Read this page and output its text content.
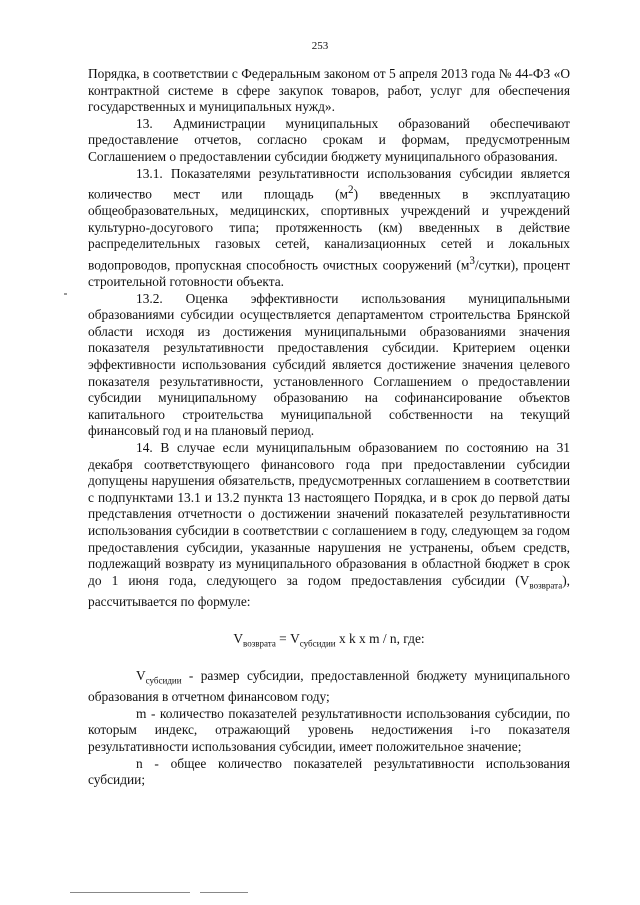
253

Порядка, в соответствии с Федеральным законом от 5 апреля 2013 года № 44-ФЗ «О контрактной системе в сфере закупок товаров, работ, услуг для обеспечения государственных и муниципальных нужд».

13. Администрации муниципальных образований обеспечивают предоставление отчетов, согласно срокам и формам, предусмотренным Соглашением о предоставлении субсидии бюджету муниципального образования.

13.1. Показателями результативности использования субсидии является количество мест или площадь $(м^2)$ введенных в эксплуатацию общеобразовательных, медицинских, спортивных учреждений и учреждений культурно-досугового типа; протяженность (км) введенных в действие распределительных газовых сетей, канализационных сетей и локальных водопроводов, пропускная способность очистных сооружений $(м^3/сутки)$, процент строительной готовности объекта.

13.2. Оценка эффективности использования муниципальными образованиями субсидии осуществляется департаментом строительства Брянской области исходя из достижения муниципальными образованиями значения показателя результативности предоставления субсидии. Критерием оценки эффективности использования субсидий является достижение значения целевого показателя результативности, установленного Соглашением о предоставлении субсидии муниципальному образованию на софинансирование объектов капитального строительства муниципальной собственности на текущий финансовый год и на плановый период.

14. В случае если муниципальным образованием по состоянию на 31 декабря соответствующего финансового года при предоставлении субсидии допущены нарушения обязательств, предусмотренных соглашением в соответствии с подпунктами 13.1 и 13.2 пункта 13 настоящего Порядка, и в срок до первой даты представления отчетности о достижении значений показателей результативности использования субсидии в соответствии с соглашением в году, следующем за годом предоставления субсидии, указанные нарушения не устранены, объем средств, подлежащий возврату из муниципального образования в областной бюджет в срок до 1 июня года, следующего за годом предоставления субсидии $(V_{возврата})$, рассчитывается по формуле:

$V_{возврата} = V_{субсидии}$ x k x m / n, где:

$V_{субсидии}$ - размер субсидии, предоставленной бюджету муниципального образования в отчетном финансовом году;

m - количество показателей результативности использования субсидии, по которым индекс, отражающий уровень недостижения i-го показателя результативности использования субсидии, имеет положительное значение;

n - общее количество показателей результативности использования субсидии;
